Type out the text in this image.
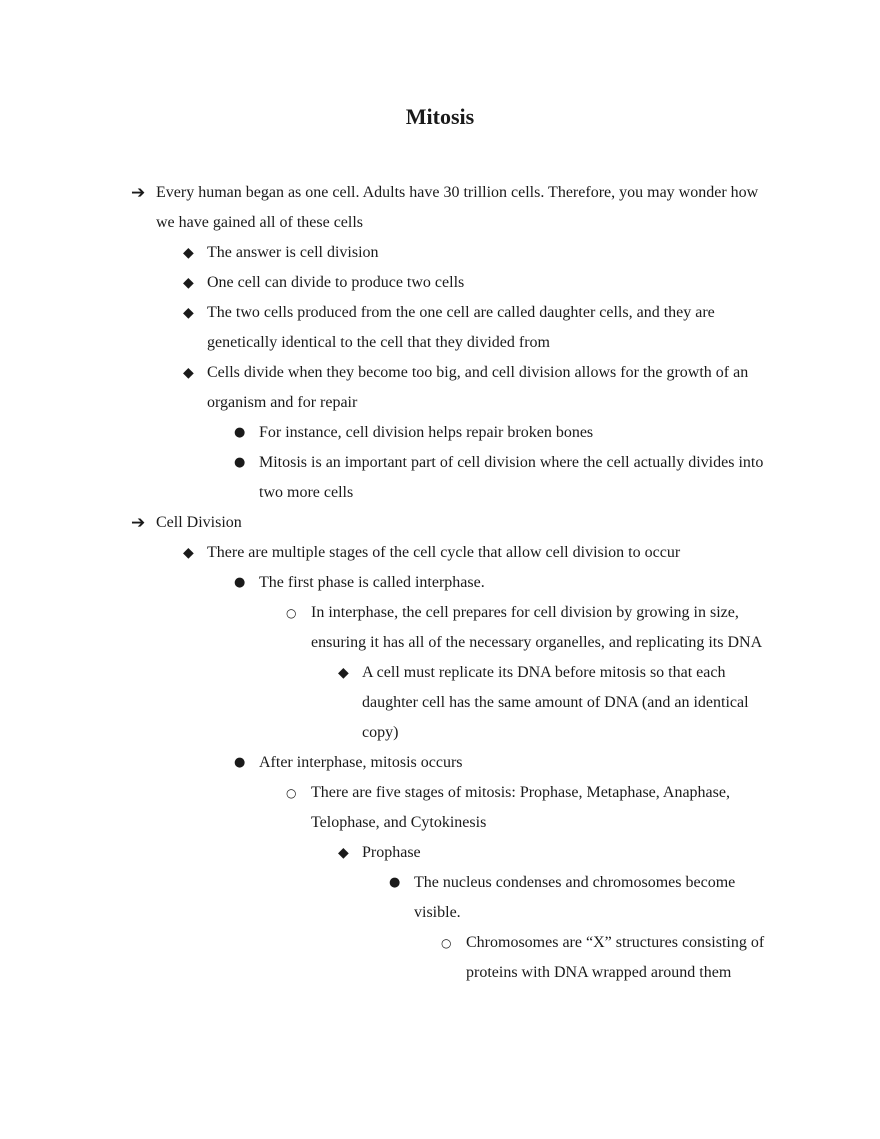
Mitosis
➔ Every human began as one cell. Adults have 30 trillion cells. Therefore, you may wonder how we have gained all of these cells
◆ The answer is cell division
◆ One cell can divide to produce two cells
◆ The two cells produced from the one cell are called daughter cells, and they are genetically identical to the cell that they divided from
◆ Cells divide when they become too big, and cell division allows for the growth of an organism and for repair
● For instance, cell division helps repair broken bones
● Mitosis is an important part of cell division where the cell actually divides into two more cells
➔ Cell Division
◆ There are multiple stages of the cell cycle that allow cell division to occur
● The first phase is called interphase.
○ In interphase, the cell prepares for cell division by growing in size, ensuring it has all of the necessary organelles, and replicating its DNA
◆ A cell must replicate its DNA before mitosis so that each daughter cell has the same amount of DNA (and an identical copy)
● After interphase, mitosis occurs
○ There are five stages of mitosis: Prophase, Metaphase, Anaphase, Telophase, and Cytokinesis
◆ Prophase
● The nucleus condenses and chromosomes become visible.
○ Chromosomes are “X” structures consisting of proteins with DNA wrapped around them
